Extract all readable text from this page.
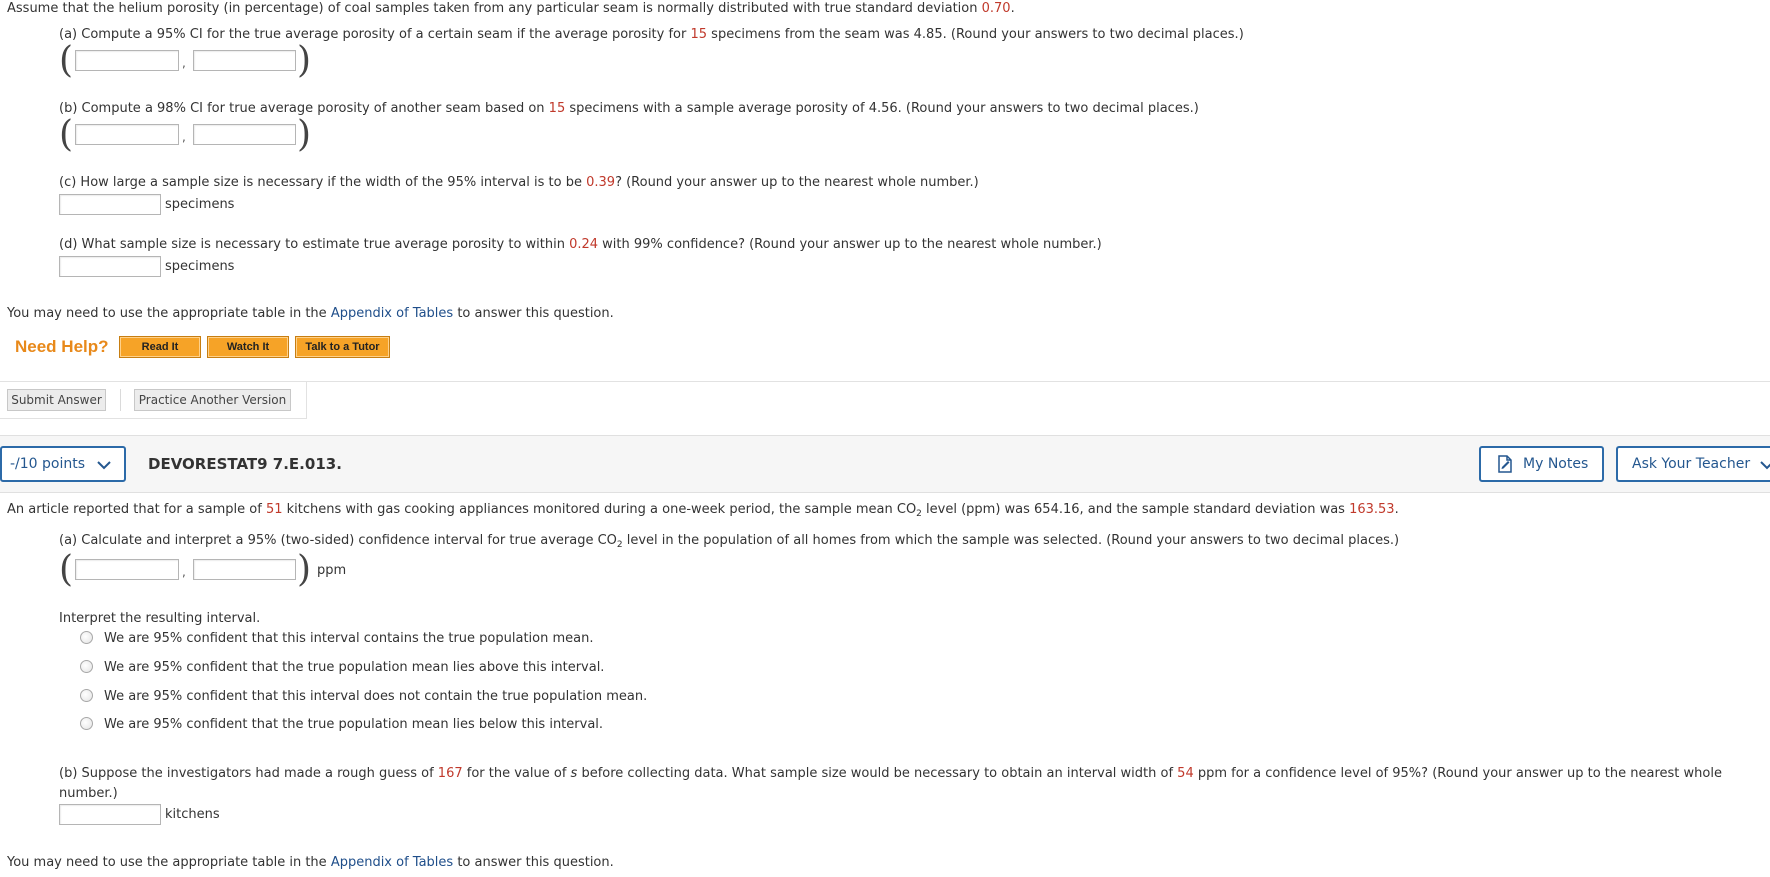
Assume that the helium porosity (in percentage) of coal samples taken from any particular seam is normally distributed with true standard deviation 0.70.
(a) Compute a 95% CI for the true average porosity of a certain seam if the average porosity for 15 specimens from the seam was 4.85. (Round your answers to two decimal places.)
(	,	)
(b) Compute a 98% CI for true average porosity of another seam based on 15 specimens with a sample average porosity of 4.56. (Round your answers to two decimal places.)
(	,	)
(c) How large a sample size is necessary if the width of the 95% interval is to be 0.39? (Round your answer up to the nearest whole number.)
specimens
(d) What sample size is necessary to estimate true average porosity to within 0.24 with 99% confidence? (Round your answer up to the nearest whole number.)
specimens
You may need to use the appropriate table in the Appendix of Tables to answer this question.
Need Help?	Read It	Watch It	Talk to a Tutor
Submit Answer	Practice Another Version
-/10 points	DEVORESTAT9 7.E.013.	My Notes	Ask Your Teacher
An article reported that for a sample of 51 kitchens with gas cooking appliances monitored during a one-week period, the sample mean $CO_2$ level (ppm) was 654.16, and the sample standard deviation was 163.53.
(a) Calculate and interpret a 95% (two-sided) confidence interval for true average $CO_2$ level in the population of all homes from which the sample was selected. (Round your answers to two decimal places.)
(	,	) ppm
Interpret the resulting interval.
We are 95% confident that this interval contains the true population mean.
We are 95% confident that the true population mean lies above this interval.
We are 95% confident that this interval does not contain the true population mean.
We are 95% confident that the true population mean lies below this interval.
(b) Suppose the investigators had made a rough guess of 167 for the value of s before collecting data. What sample size would be necessary to obtain an interval width of 54 ppm for a confidence level of 95%? (Round your answer up to the nearest whole
number.)
kitchens
You may need to use the appropriate table in the Appendix of Tables to answer this question.
